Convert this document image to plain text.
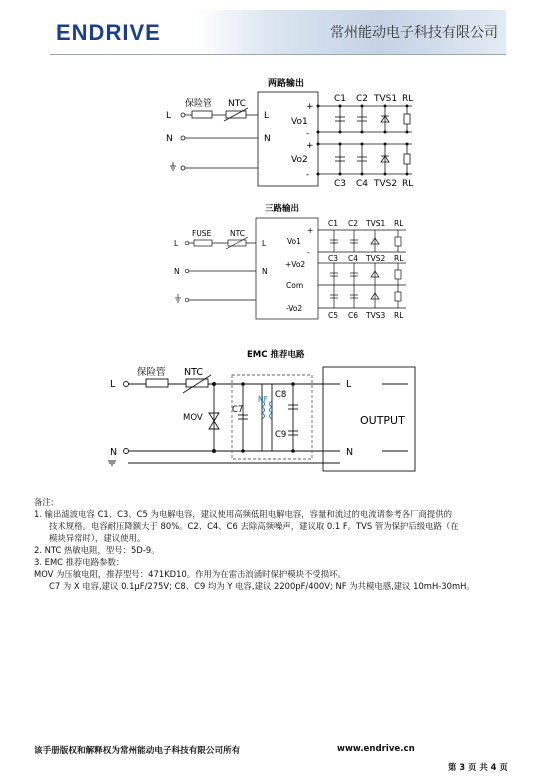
ENDRIVE	常州能动电子科技有限公司
两路输出
保险管 NTC
L
N
L
N
Vo1
Vo2
+
-
+
-
C1 C2 TVS1 RL
C3 C4 TVS2 RL
三路输出
FUSE NTC
L
N
L
N
Vo1
+Vo2
Com
-Vo2
+
-
C1 C2 TVS1 RL
C3 C4 TVS2 RL
C5 C6 TVS3 RL
EMC 推荐电路
保险管 NTC
L
N
L
N
MOV
C7
C8
C9
NF
OUTPUT
备注:
1. 输出滤波电容 C1、C3、C5 为电解电容，建议使用高频低阻电解电容，容量和流过的电流请参考各厂商提供的
技术规格。电容耐压降额大于 80%。C2、C4、C6 去除高频噪声，建议取 0.1 F。TVS 管为保护后级电路（在
模块异常时），建议使用。
2. NTC 热敏电阻，型号：5D-9。
3. EMC 推荐电路参数：
MOV 为压敏电阻，推荐型号：471KD10。作用为在雷击浪涌时保护模块不受损坏。
C7 为 X 电容,建议 0.1μF/275V; C8、C9 均为 Y 电容,建议 2200pF/400V; NF 为共模电感,建议 10mH-30mH。
该手册版权和解释权为常州能动电子科技有限公司所有	www.endrive.cn
第 3 页 共 4 页
